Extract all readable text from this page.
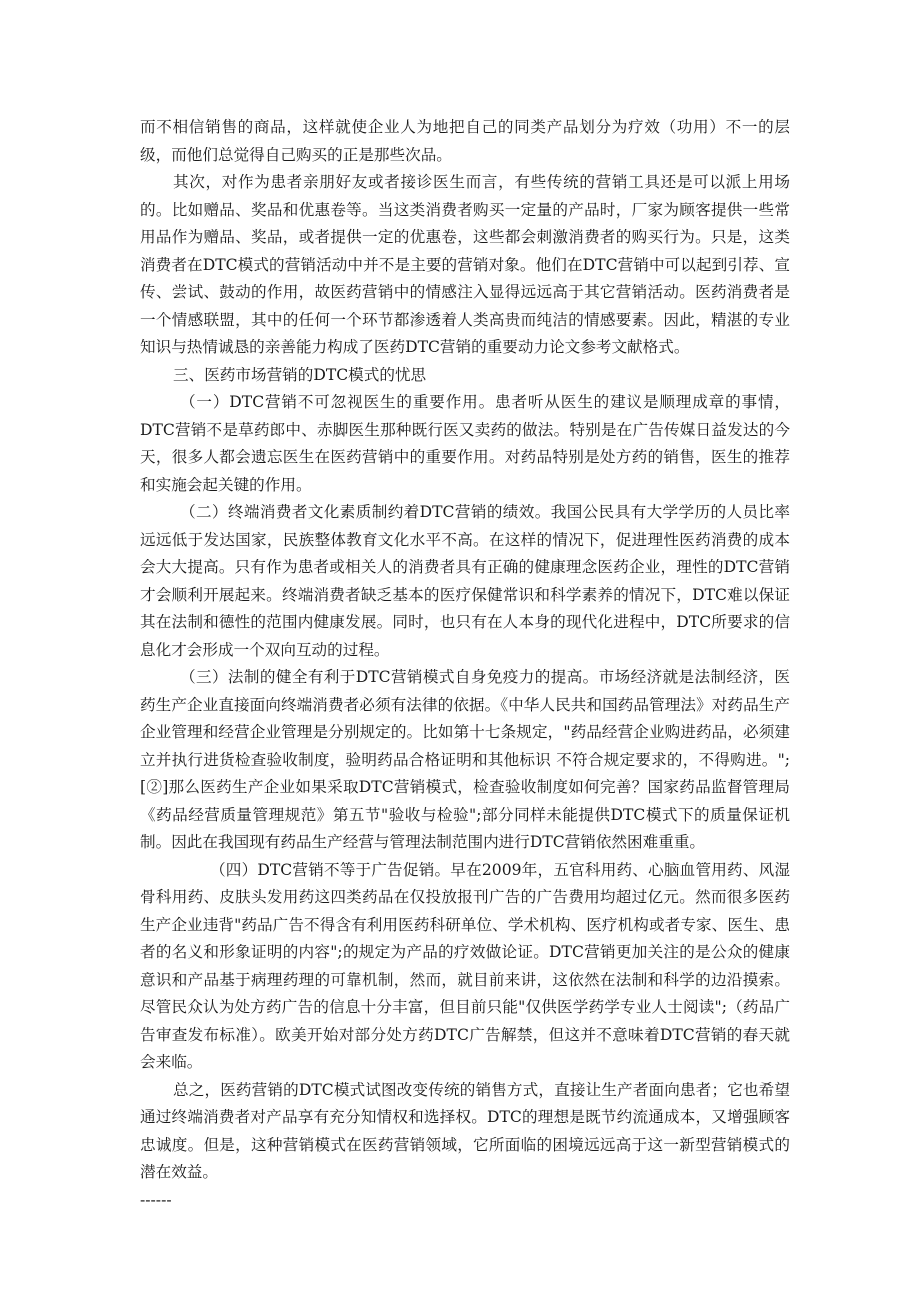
而不相信销售的商品，这样就使企业人为地把自己的同类产品划分为疗效（功用）不一的层级，而他们总觉得自己购买的正是那些次品。

其次，对作为患者亲朋好友或者接诊医生而言，有些传统的营销工具还是可以派上用场的。比如赠品、奖品和优惠卷等。当这类消费者购买一定量的产品时，厂家为顾客提供一些常用品作为赠品、奖品，或者提供一定的优惠卷，这些都会刺激消费者的购买行为。只是，这类消费者在DTC模式的营销活动中并不是主要的营销对象。他们在DTC营销中可以起到引荐、宣传、尝试、鼓动的作用，故医药营销中的情感注入显得远远高于其它营销活动。医药消费者是一个情感联盟，其中的任何一个环节都渗透着人类高贵而纯洁的情感要素。因此，精湛的专业知识与热情诚恳的亲善能力构成了医药DTC营销的重要动力论文参考文献格式。

三、医药市场营销的DTC模式的忧思

（一）DTC营销不可忽视医生的重要作用。患者听从医生的建议是顺理成章的事情，DTC营销不是草药郎中、赤脚医生那种既行医又卖药的做法。特别是在广告传媒日益发达的今天，很多人都会遗忘医生在医药营销中的重要作用。对药品特别是处方药的销售，医生的推荐和实施会起关键的作用。

（二）终端消费者文化素质制约着DTC营销的绩效。我国公民具有大学学历的人员比率远远低于发达国家，民族整体教育文化水平不高。在这样的情况下，促进理性医药消费的成本会大大提高。只有作为患者或相关人的消费者具有正确的健康理念医药企业，理性的DTC营销才会顺利开展起来。终端消费者缺乏基本的医疗保健常识和科学素养的情况下，DTC难以保证其在法制和德性的范围内健康发展。同时，也只有在人本身的现代化进程中，DTC所要求的信息化才会形成一个双向互动的过程。

（三）法制的健全有利于DTC营销模式自身免疫力的提高。市场经济就是法制经济，医药生产企业直接面向终端消费者必须有法律的依据。《中华人民共和国药品管理法》对药品生产企业管理和经营企业管理是分别规定的。比如第十七条规定，"药品经营企业购进药品，必须建立并执行进货检查验收制度，验明药品合格证明和其他标识 不符合规定要求的，不得购进。";[②]那么医药生产企业如果采取DTC营销模式，检查验收制度如何完善？国家药品监督管理局《药品经营质量管理规范》第五节"验收与检验";部分同样未能提供DTC模式下的质量保证机制。因此在我国现有药品生产经营与管理法制范围内进行DTC营销依然困难重重。

（四）DTC营销不等于广告促销。早在2009年，五官科用药、心脑血管用药、风湿骨科用药、皮肤头发用药这四类药品在仅投放报刊广告的广告费用均超过亿元。然而很多医药生产企业违背"药品广告不得含有利用医药科研单位、学术机构、医疗机构或者专家、医生、患者的名义和形象证明的内容";的规定为产品的疗效做论证。DTC营销更加关注的是公众的健康意识和产品基于病理药理的可靠机制，然而，就目前来讲，这依然在法制和科学的边沿摸索。尽管民众认为处方药广告的信息十分丰富，但目前只能"仅供医学药学专业人士阅读";（药品广告审查发布标准）。欧美开始对部分处方药DTC广告解禁，但这并不意味着DTC营销的春天就会来临。

总之，医药营销的DTC模式试图改变传统的销售方式，直接让生产者面向患者；它也希望通过终端消费者对产品享有充分知情权和选择权。DTC的理想是既节约流通成本，又增强顾客忠诚度。但是，这种营销模式在医药营销领域，它所面临的困境远远高于这一新型营销模式的潜在效益。

------
